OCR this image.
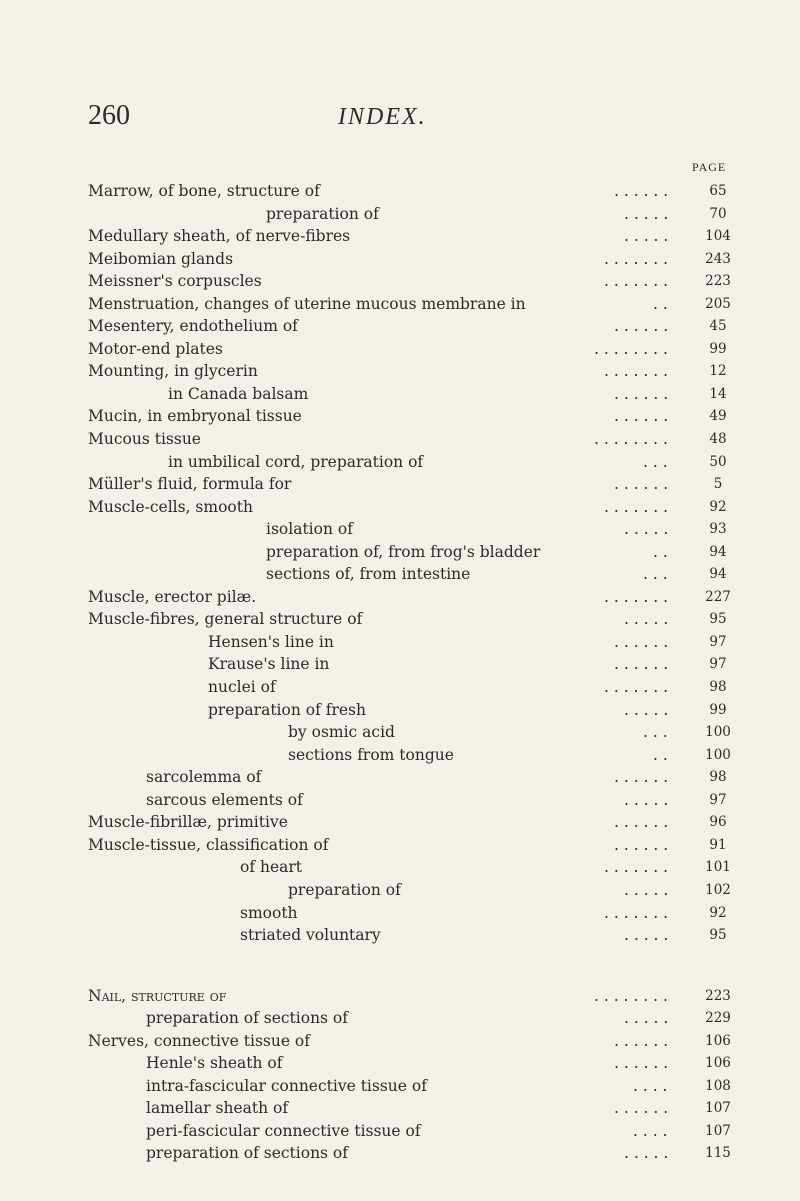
260	INDEX.
PAGE
Marrow, of bone, structure of	. . . . . .	65
preparation of	. . . . .	70
Medullary sheath, of nerve-fibres	. . . . .	104
Meibomian glands	. . . . . . .	243
Meissner's corpuscles	. . . . . . .	223
Menstruation, changes of uterine mucous membrane in	. .	205
Mesentery, endothelium of	. . . . . .	45
Motor-end plates	. . . . . . . .	99
Mounting, in glycerin	. . . . . . .	12
in Canada balsam	. . . . . .	14
Mucin, in embryonal tissue	. . . . . .	49
Mucous tissue	. . . . . . . .	48
in umbilical cord, preparation of	. . .	50
Müller's fluid, formula for	. . . . . .	5
Muscle-cells, smooth	. . . . . . .	92
isolation of	. . . . .	93
preparation of, from frog's bladder	. .	94
sections of, from intestine	. . .	94
Muscle, erector pilæ.	. . . . . . .	227
Muscle-fibres, general structure of	. . . . .	95
Hensen's line in	. . . . . .	97
Krause's line in	. . . . . .	97
nuclei of	. . . . . . .	98
preparation of fresh	. . . . .	99
by osmic acid	. . .	100
sections from tongue	. .	100
sarcolemma of	. . . . . .	98
sarcous elements of	. . . . .	97
Muscle-fibrillæ, primitive	. . . . . .	96
Muscle-tissue, classification of	. . . . . .	91
of heart	. . . . . . .	101
preparation of	. . . . .	102
smooth	. . . . . . .	92
striated voluntary	. . . . .	95
Nail, structure of	. . . . . . . .	223
preparation of sections of	. . . . .	229
Nerves, connective tissue of	. . . . . .	106
Henle's sheath of	. . . . . .	106
intra-fascicular connective tissue of	. . . .	108
lamellar sheath of	. . . . . .	107
peri-fascicular connective tissue of	. . . .	107
preparation of sections of	. . . . .	115
